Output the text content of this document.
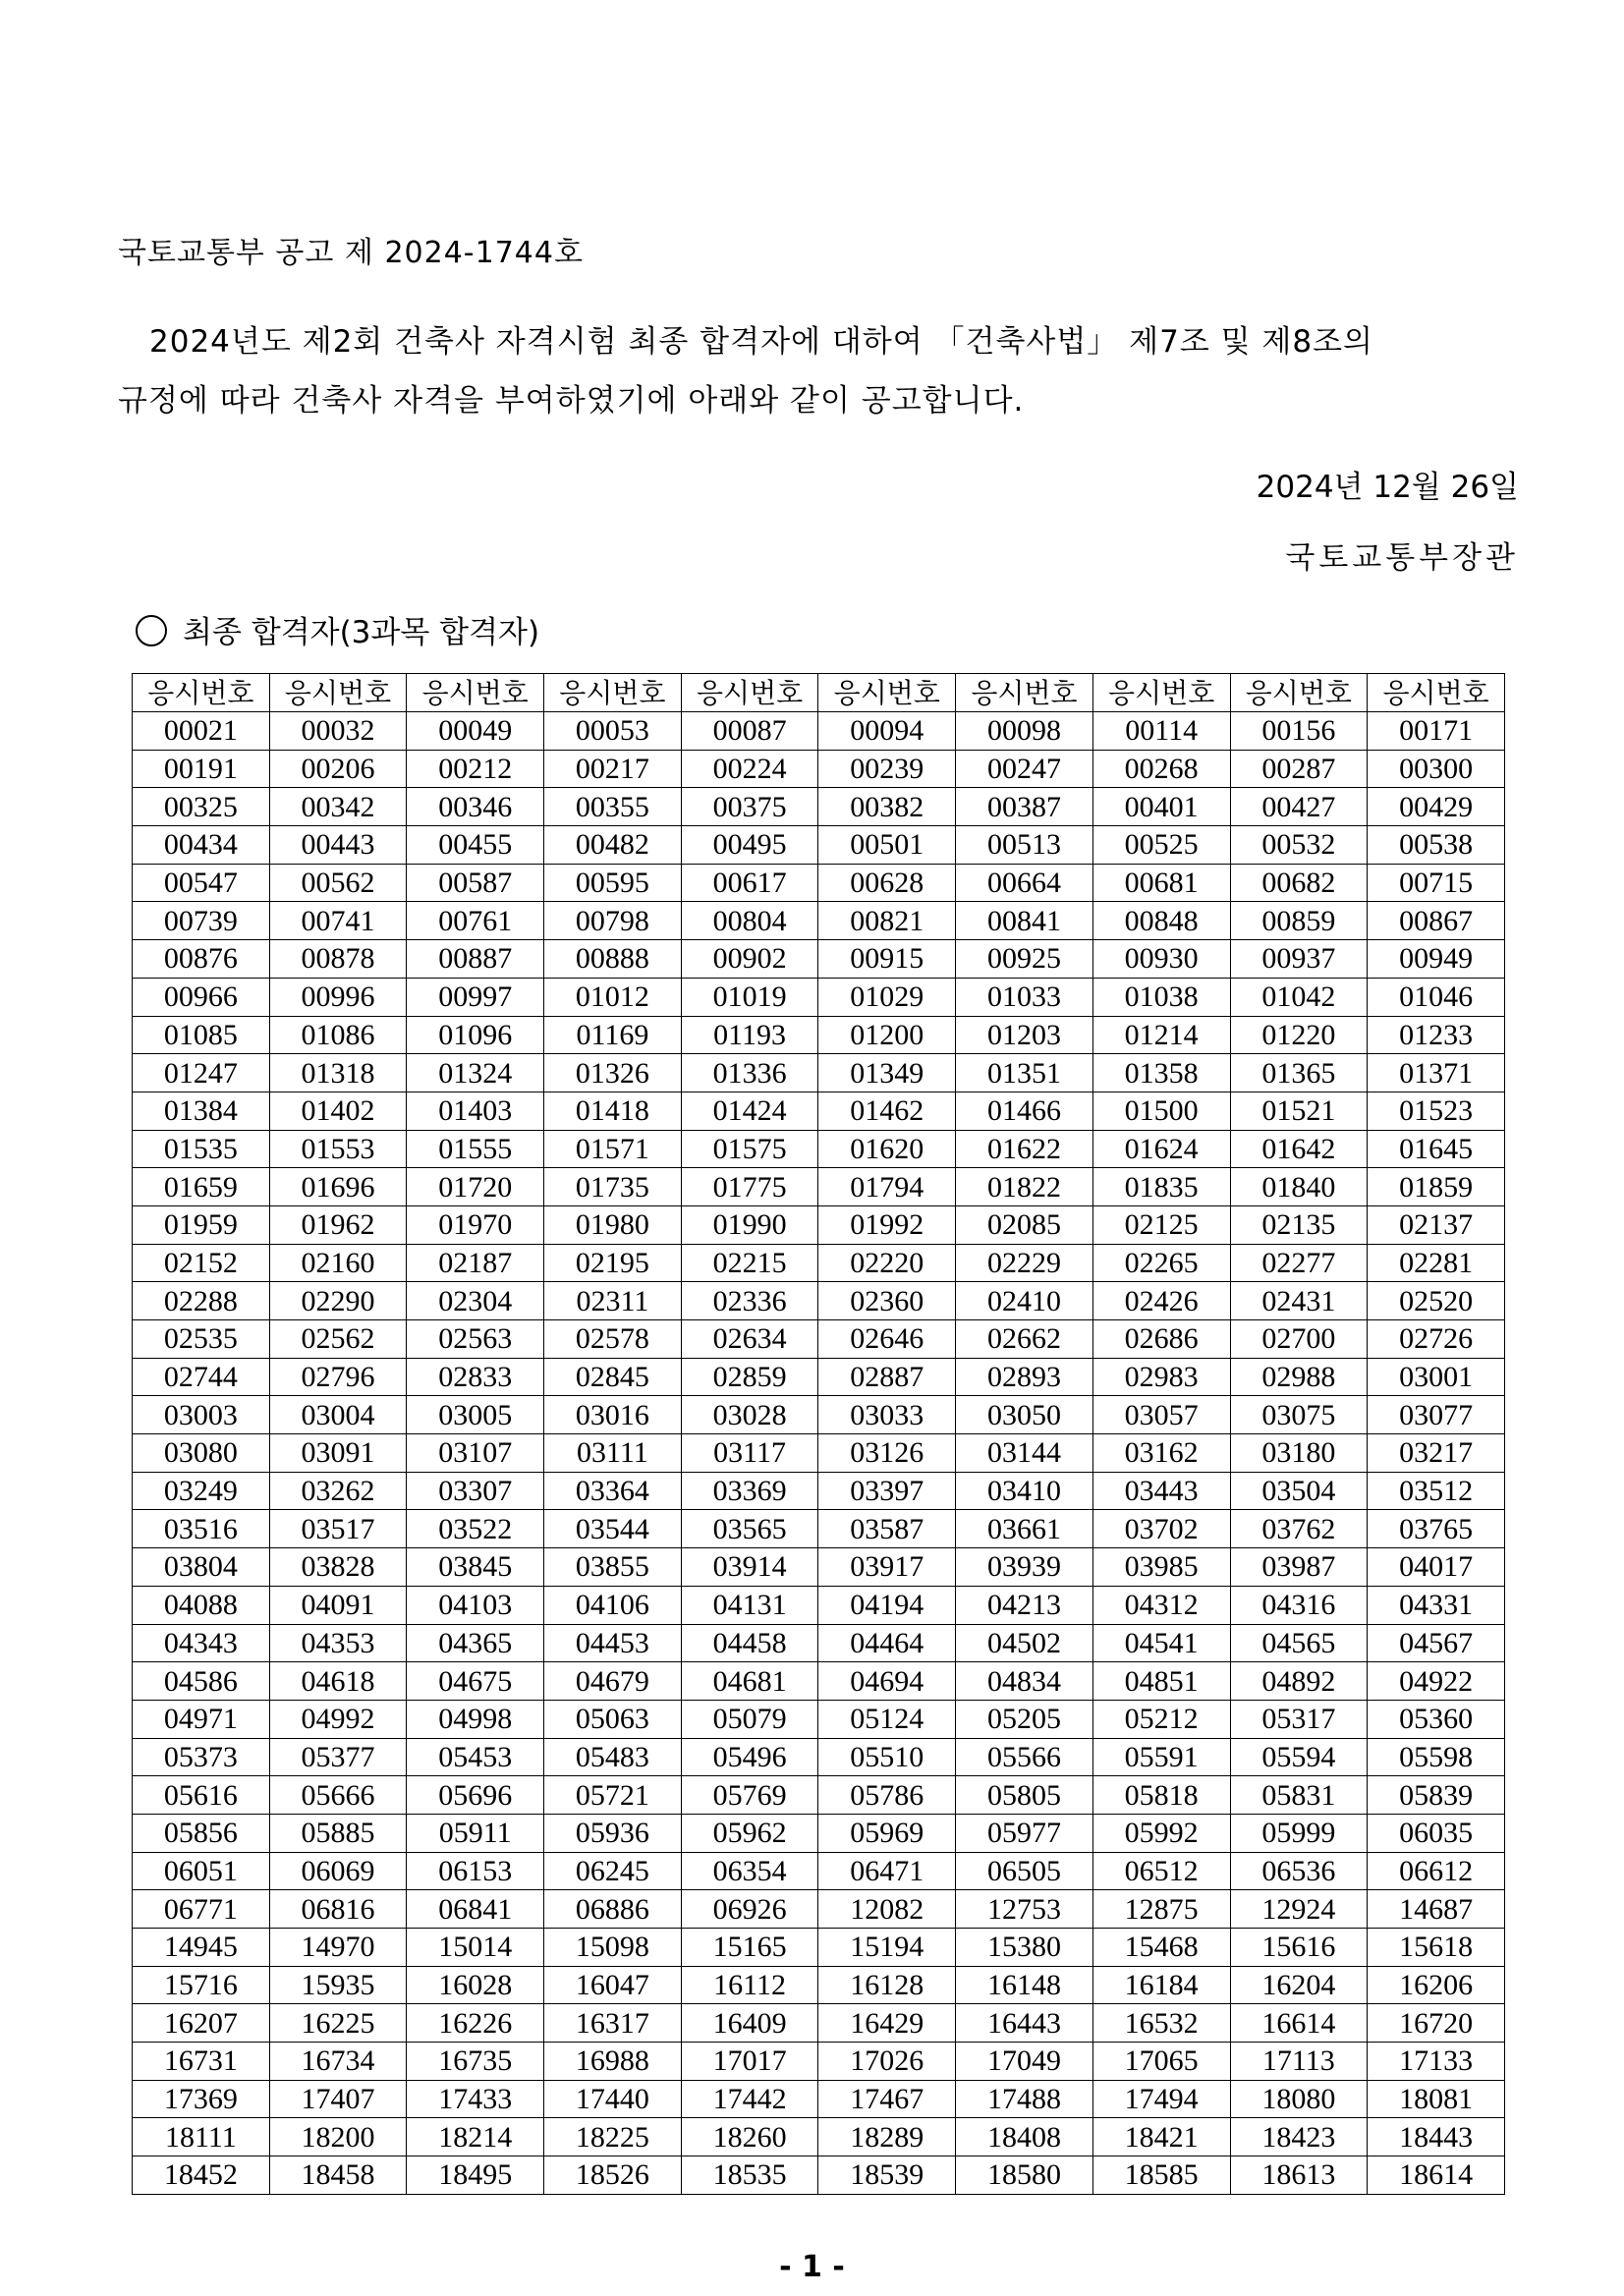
국토교통부 공고 제 2024-1744호
2024년도 제2회 건축사 자격시험 최종 합격자에 대하여 「건축사법」 제7조 및 제8조의
규정에 따라 건축사 자격을 부여하였기에 아래와 같이 공고합니다.
2024년 12월 26일
국토교통부장관
최종 합격자(3과목 합격자)
응시번호	응시번호	응시번호	응시번호	응시번호	응시번호	응시번호	응시번호	응시번호	응시번호
00021	00032	00049	00053	00087	00094	00098	00114	00156	00171
00191	00206	00212	00217	00224	00239	00247	00268	00287	00300
00325	00342	00346	00355	00375	00382	00387	00401	00427	00429
00434	00443	00455	00482	00495	00501	00513	00525	00532	00538
00547	00562	00587	00595	00617	00628	00664	00681	00682	00715
00739	00741	00761	00798	00804	00821	00841	00848	00859	00867
00876	00878	00887	00888	00902	00915	00925	00930	00937	00949
00966	00996	00997	01012	01019	01029	01033	01038	01042	01046
01085	01086	01096	01169	01193	01200	01203	01214	01220	01233
01247	01318	01324	01326	01336	01349	01351	01358	01365	01371
01384	01402	01403	01418	01424	01462	01466	01500	01521	01523
01535	01553	01555	01571	01575	01620	01622	01624	01642	01645
01659	01696	01720	01735	01775	01794	01822	01835	01840	01859
01959	01962	01970	01980	01990	01992	02085	02125	02135	02137
02152	02160	02187	02195	02215	02220	02229	02265	02277	02281
02288	02290	02304	02311	02336	02360	02410	02426	02431	02520
02535	02562	02563	02578	02634	02646	02662	02686	02700	02726
02744	02796	02833	02845	02859	02887	02893	02983	02988	03001
03003	03004	03005	03016	03028	03033	03050	03057	03075	03077
03080	03091	03107	03111	03117	03126	03144	03162	03180	03217
03249	03262	03307	03364	03369	03397	03410	03443	03504	03512
03516	03517	03522	03544	03565	03587	03661	03702	03762	03765
03804	03828	03845	03855	03914	03917	03939	03985	03987	04017
04088	04091	04103	04106	04131	04194	04213	04312	04316	04331
04343	04353	04365	04453	04458	04464	04502	04541	04565	04567
04586	04618	04675	04679	04681	04694	04834	04851	04892	04922
04971	04992	04998	05063	05079	05124	05205	05212	05317	05360
05373	05377	05453	05483	05496	05510	05566	05591	05594	05598
05616	05666	05696	05721	05769	05786	05805	05818	05831	05839
05856	05885	05911	05936	05962	05969	05977	05992	05999	06035
06051	06069	06153	06245	06354	06471	06505	06512	06536	06612
06771	06816	06841	06886	06926	12082	12753	12875	12924	14687
14945	14970	15014	15098	15165	15194	15380	15468	15616	15618
15716	15935	16028	16047	16112	16128	16148	16184	16204	16206
16207	16225	16226	16317	16409	16429	16443	16532	16614	16720
16731	16734	16735	16988	17017	17026	17049	17065	17113	17133
17369	17407	17433	17440	17442	17467	17488	17494	18080	18081
18111	18200	18214	18225	18260	18289	18408	18421	18423	18443
18452	18458	18495	18526	18535	18539	18580	18585	18613	18614
- 1 -
